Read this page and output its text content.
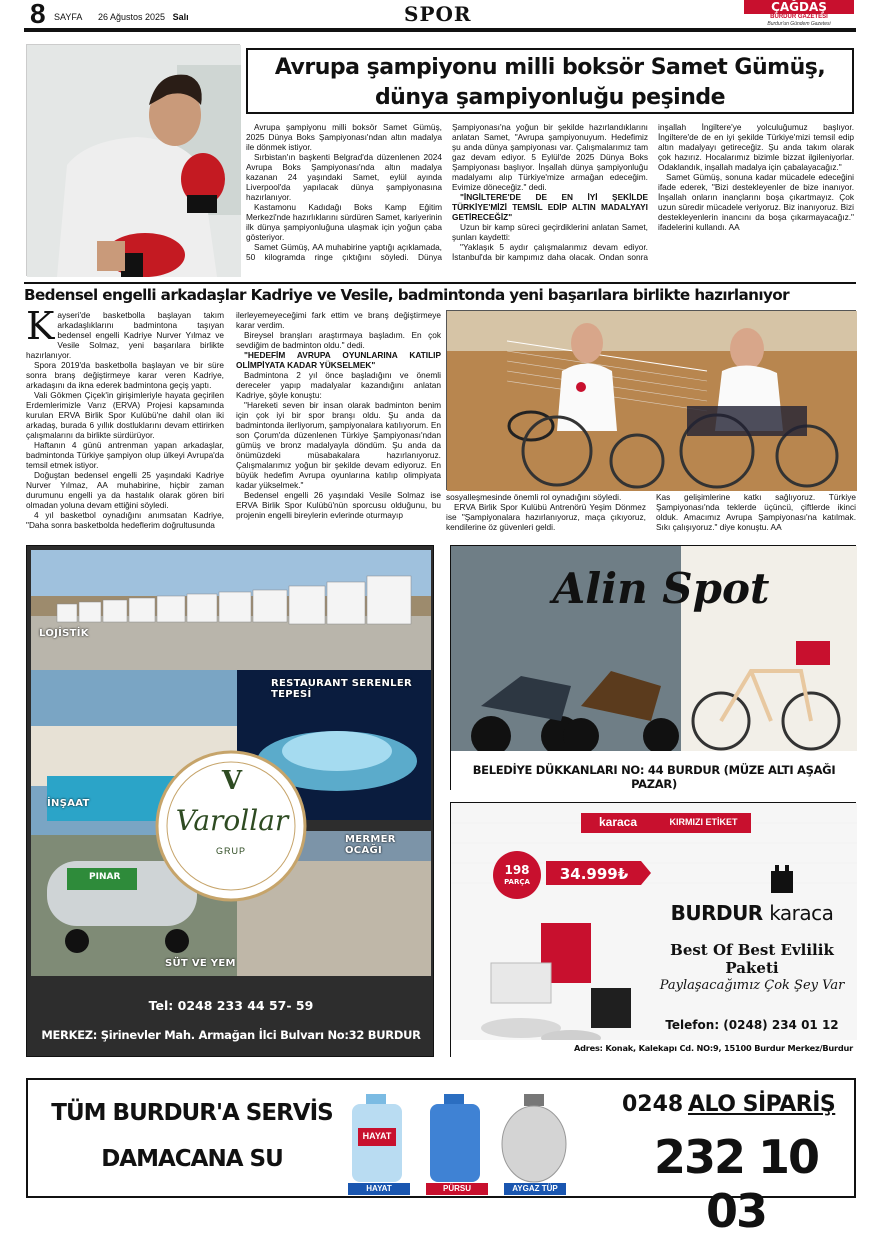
8 SAYFA 26 Ağustos 2025 Salı	SPOR	ÇAĞDAŞ
BURDUR GAZETESİ
Burdur'un Gündem Gazetesi
Avrupa şampiyonu milli boksör Samet Gümüş,
dünya şampiyonluğu peşinde

Avrupa şampiyonu milli boksör Samet Gümüş, 2025 Dünya Boks Şampiyonası'ndan altın madalya ile dönmek istiyor.

Sırbistan'ın başkenti Belgrad'da düzenlenen 2024 Avrupa Boks Şampiyonası'nda altın madalya kazanan 24 yaşındaki Samet, eylül ayında Liverpool'da yapılacak dünya şampiyonasına hazırlanıyor.

Kastamonu Kadıdağı Boks Kamp Eğitim Merkezi'nde hazırlıklarını sürdüren Samet, kariyerinin ilk dünya şampiyonluğuna ulaşmak için yoğun çaba gösteriyor.

Samet Gümüş, AA muhabirine yaptığı açıklamada, 50 kilogramda ringe çıktığını söyledi. Dünya Şampiyonası'na yoğun bir şekilde hazırlandıklarını anlatan Samet, "Avrupa şampiyonuyum. Hedefimiz şu anda dünya şampiyonası var. Çalışmalarımız tam gaz devam ediyor. 5 Eylül'de 2025 Dünya Boks Şampiyonası başlıyor. İnşallah dünya şampiyonluğu madalyamı alıp Türkiye'mize armağan edeceğim. Evimize döneceğiz." dedi.

"İNGİLTERE'DE DE EN İYİ ŞEKİLDE TÜRKİYE'MİZİ TEMSİL EDİP ALTIN MADALYAYI GETİRECEĞİZ"

Uzun bir kamp süreci geçirdiklerini anlatan Samet, şunları kaydetti:

"Yaklaşık 5 aydır çalışmalarımız devam ediyor. İstanbul'da bir kampımız daha olacak. Ondan sonra inşallah İngiltere'ye yolculuğumuz başlıyor. İngiltere'de de en iyi şekilde Türkiye'mizi temsil edip altın madalyayı getireceğiz. Şu anda takım olarak çok hazırız. Hocalarımız bizimle bizzat ilgileniyorlar. Odaklandık, inşallah madalya için çabalayacağız."

Samet Gümüş, sonuna kadar mücadele edeceğini ifade ederek, "Bizi destekleyenler de bize inanıyor. İnşallah onların inançlarını boşa çıkartmayız. Çok uzun süredir mücadele veriyoruz. Biz inanıyoruz. Bizi destekleyenlerin inancını da boşa çıkarmayacağız." ifadelerini kullandı. AA

Bedensel engelli arkadaşlar Kadriye ve Vesile, badmintonda yeni başarılara birlikte hazırlanıyor

Kayseri'de basketbolla başlayan takım arkadaşlıklarını badmintona taşıyan bedensel engelli Kadriye Nurver Yılmaz ve Vesile Solmaz, yeni başarılara birlikte hazırlanıyor.

Spora 2019'da basketbolla başlayan ve bir süre sonra branş değiştirmeye karar veren Kadriye, arkadaşını da ikna ederek badmintona geçiş yaptı.

Vali Gökmen Çiçek'in girişimleriyle hayata geçirilen Erdemlerimizle Varız (ERVA) Projesi kapsamında kurulan ERVA Birlik Spor Kulübü'ne dahil olan iki arkadaş, burada 6 yıllık dostluklarını devam ettirirken çalışmalarını da birlikte sürdürüyor.

Haftanın 4 günü antrenman yapan arkadaşlar, badmintonda Türkiye şampiyon olup ülkeyi Avrupa'da temsil etmek istiyor.

Doğuştan bedensel engelli 25 yaşındaki Kadriye Nurver Yılmaz, AA muhabirine, hiçbir zaman durumunu engelli ya da hastalık olarak gören biri olmadan yoluna devam ettiğini söyledi.

4 yıl basketbol oynadığını anımsatan Kadriye, "Daha sonra basketbolda hedeflerim doğrultusunda

ilerleyemeyeceğimi fark ettim ve branş değiştirmeye karar verdim.

Bireysel branşları araştırmaya başladım. En çok sevdiğim de badminton oldu." dedi.

"HEDEFİM AVRUPA OYUNLARINA KATILIP OLİMPİYATA KADAR YÜKSELMEK"

Badmintona 2 yıl önce başladığını ve önemli dereceler yapıp madalyalar kazandığını anlatan Kadriye, şöyle konuştu:

"Hareketi seven bir insan olarak badminton benim için çok iyi bir spor branşı oldu. Şu anda da badmintonda ilerliyorum, şampiyonalara katılıyorum. En son Çorum'da düzenlenen Türkiye Şampiyonası'ndan gümüş ve bronz madalyayla döndüm. Şu anda da önümüzdeki müsabakalara hazırlanıyoruz. Çalışmalarımız yoğun bir şekilde devam ediyoruz. En büyük hedefim Avrupa oyunlarına katılıp olimpiyata kadar yükselmek."

Bedensel engelli 26 yaşındaki Vesile Solmaz ise ERVA Birlik Spor Kulübü'nün sporcusu olduğunu, bu projenin engelli bireylerin evlerinde oturmayıp

sosyalleşmesinde önemli rol oynadığını söyledi.

ERVA Birlik Spor Kulübü Antrenörü Yeşim Dönmez ise "Şampiyonalara hazırlanıyoruz, maça çıkıyoruz, kendilerine öz güvenleri geldi.

Kas gelişimlerine katkı sağlıyoruz. Türkiye Şampiyonası'nda teklerde üçüncü, çiftlerde ikinci olduk. Amacımız Avrupa Şampiyonası'na katılmak. Sıkı çalışıyoruz." diye konuştu. AA

LOJİSTİK
RESTAURANT SERENLER TEPESİ
İNŞAAT
MERMER OCAĞI
SÜT VE YEM
PINAR
V
Varollar
GRUP
Tel: 0248 233 44 57- 59
MERKEZ: Şirinevler Mah. Armağan İlci Bulvarı No:32 BURDUR
Alin Spot
BELEDİYE DÜKKANLARI NO: 44 BURDUR (MÜZE ALTI AŞAĞI PAZAR)
karaca	KIRMIZI ETİKET
198
PARÇA	34.999₺
BURDUR karaca
Best Of Best Evlilik Paketi
Paylaşacağımız Çok Şey Var
Telefon: (0248) 234 01 12
Adres: Konak, Kalekapı Cd. NO:9, 15100 Burdur Merkez/Burdur
TÜM BURDUR'A SERVİS
DAMACANA SU
HAYAT
HAYAT	PÜRSU	AYGAZ TÜP
0248 ALO SİPARİŞ
232 10 03
